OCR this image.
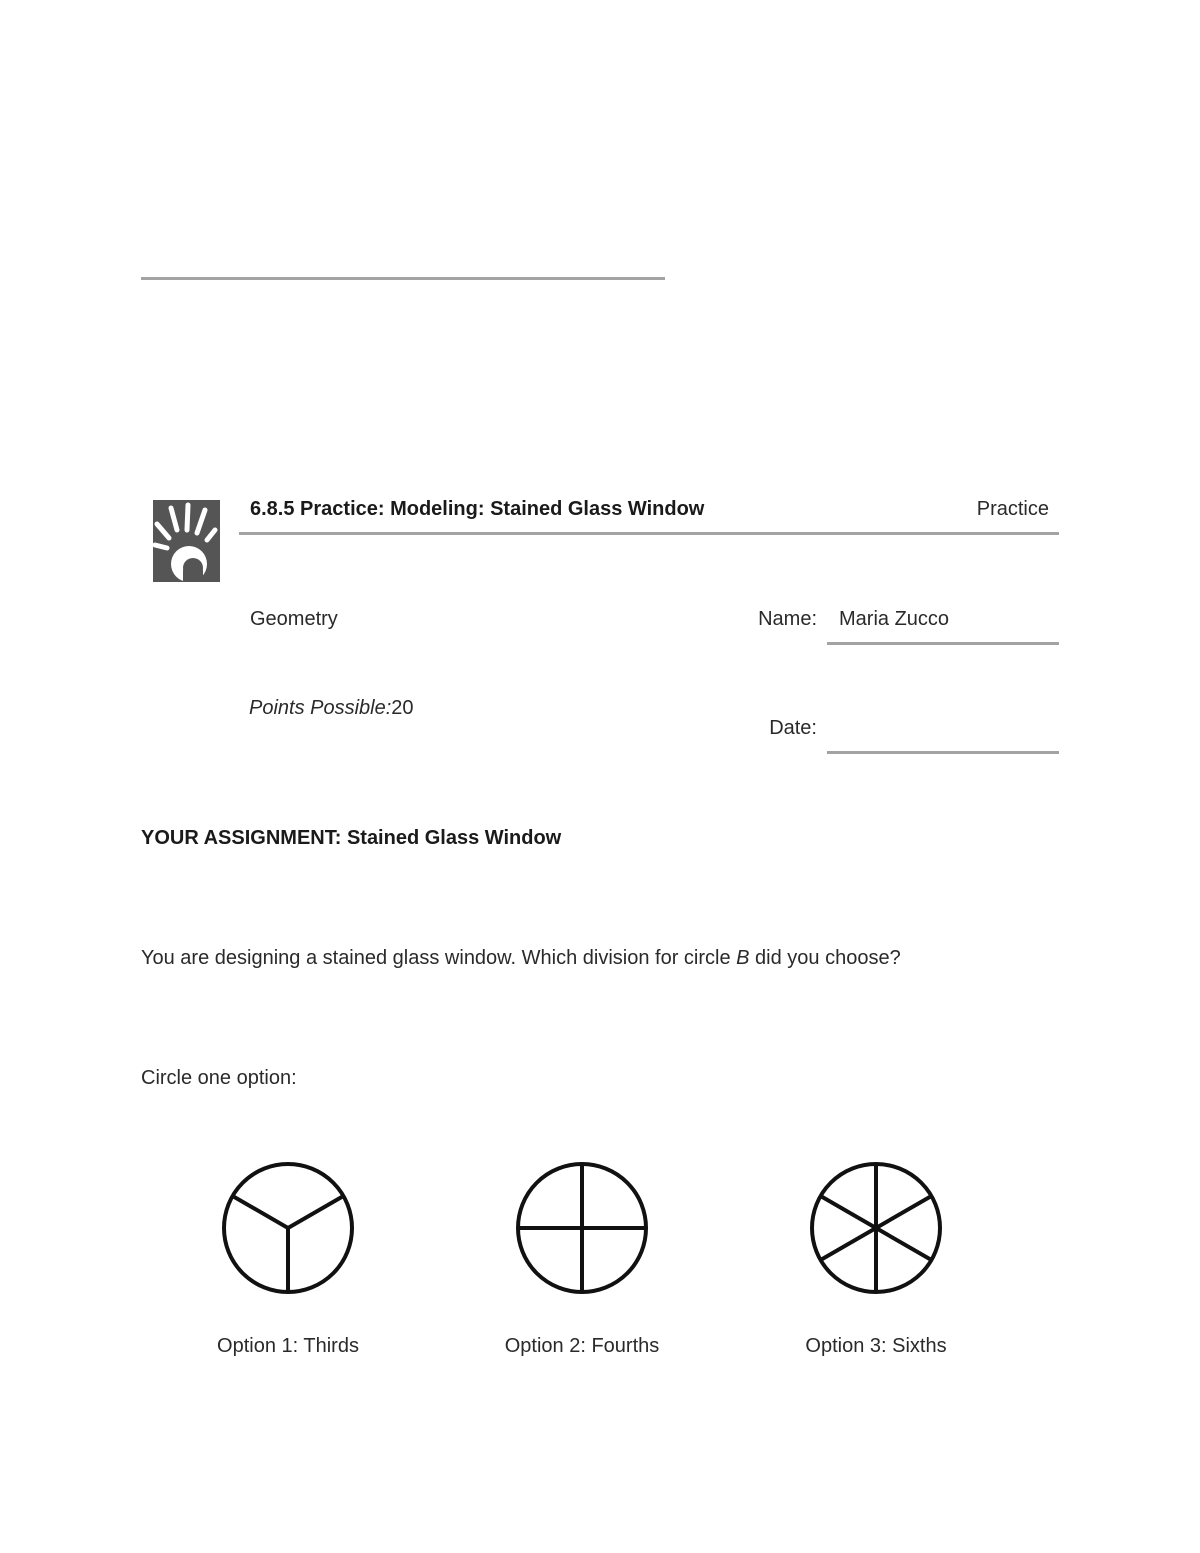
6.8.5 Practice: Modeling: Stained Glass Window	Practice
Geometry
Points Possible:20
Name: Maria Zucco
Date:
YOUR ASSIGNMENT: Stained Glass Window
You are designing a stained glass window. Which division for circle B did you choose?
Circle one option:
Option 1: Thirds	Option 2: Fourths	Option 3: Sixths
